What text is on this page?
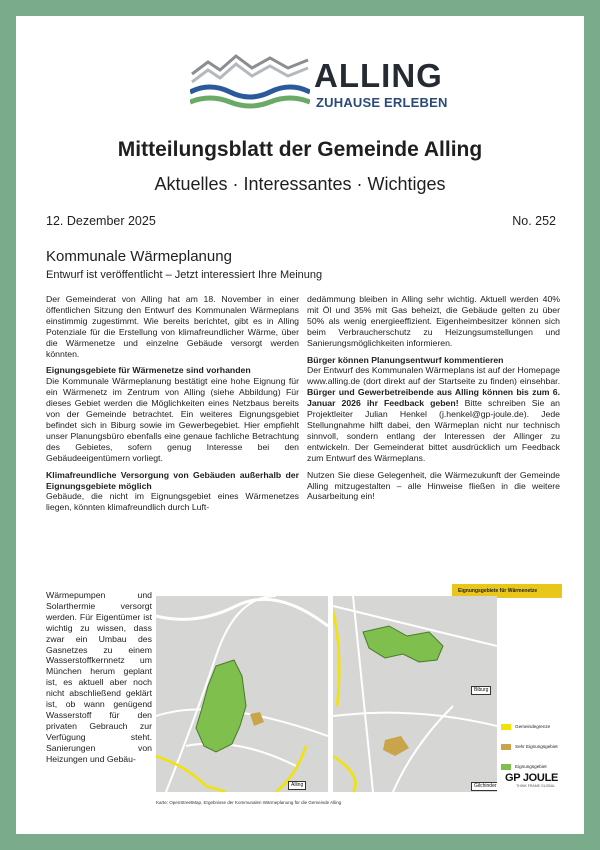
ALLING
ZUHAUSE ERLEBEN
Mitteilungsblatt der Gemeinde Alling
Aktuelles · Interessantes · Wichtiges
12. Dezember 2025	No. 252
Kommunale Wärmeplanung
Entwurf ist veröffentlicht – Jetzt interessiert Ihre Meinung

Der Gemeinderat von Alling hat am 18. November in einer öffentlichen Sitzung den Entwurf des Kommunalen Wärmeplans einstimmig zugestimmt. Wie bereits berichtet, gibt es in Alling Potenziale für die Erstellung von klimafreundlicher Wärme, über die Wärmenetze und einzelne Gebäude versorgt werden könnten.

Eignungsgebiete für Wärmenetze sind vorhanden

Die Kommunale Wärmeplanung bestätigt eine hohe Eignung für ein Wärmenetz im Zentrum von Alling (siehe Abbildung) Für dieses Gebiet werden die Möglichkeiten eines Netzbaus bereits von der Gemeinde betrachtet. Ein weiteres Eignungsgebiet befindet sich in Biburg sowie im Gewerbegebiet. Hier empfiehlt unser Planungsbüro ebenfalls eine genaue fachliche Betrachtung des Gebietes, sofern genug Interesse bei den Gebäudeeigentümern vorliegt.

Klimafreundliche Versorgung von Gebäuden außerhalb der Eignungsgebiete möglich

Gebäude, die nicht im Eignungsgebiet eines Wärmenetzes liegen, könnten klimafreundlich durch Luft-

Wärmepumpen und Solarthermie versorgt werden. Für Eigentümer ist wichtig zu wissen, dass zwar ein Umbau des Gasnetzes zu einem Wasserstoffkernnetz um München herum geplant ist, es aktuell aber noch nicht abschließend geklärt ist, ob wann genügend Wasserstoff für den privaten Gebrauch zur Verfügung steht. Sanierungen von Heizungen und Gebäu-

dedämmung bleiben in Alling sehr wichtig. Aktuell werden 40% mit Öl und 35% mit Gas beheizt, die Gebäude gelten zu über 50% als wenig energieeffizient. Eigenheimbesitzer können sich beim Verbraucherschutz zu Heizungsumstellungen und Sanierungsmöglichkeiten informieren.

Bürger können Planungsentwurf kommentieren

Der Entwurf des Kommunalen Wärmeplans ist auf der Homepage www.alling.de (dort direkt auf der Startseite zu finden) einsehbar. Bürger und Gewerbetreibende aus Alling können bis zum 6. Januar 2026 ihr Feedback geben! Bitte schreiben Sie an Projektleiter Julian Henkel (j.henkel@gp-joule.de). Jede Stellungnahme hilft dabei, den Wärmeplan nicht nur technisch sinnvoll, sondern entlang der Interessen der Allinger zu entwickeln. Der Gemeinderat bittet ausdrücklich um Feedback zum Entwurf des Wärmeplans.

Nutzen Sie diese Gelegenheit, die Wärmezukunft der Gemeinde Alling mitzugestalten – alle Hinweise fließen in die weitere Ausarbeitung ein!

Eignungsgebiete für Wärmenetze
Alling
Biburg
Gilchinder
Gemeindegrenze
Sehr Eignungsgebiet
Eignungsgebiet
Karte: OpenStreetMap, Ergebnisse der Kommunalen Wärmeplanung für die Gemeinde Alling
GP JOULE
THINK FRAME GLOBAL
